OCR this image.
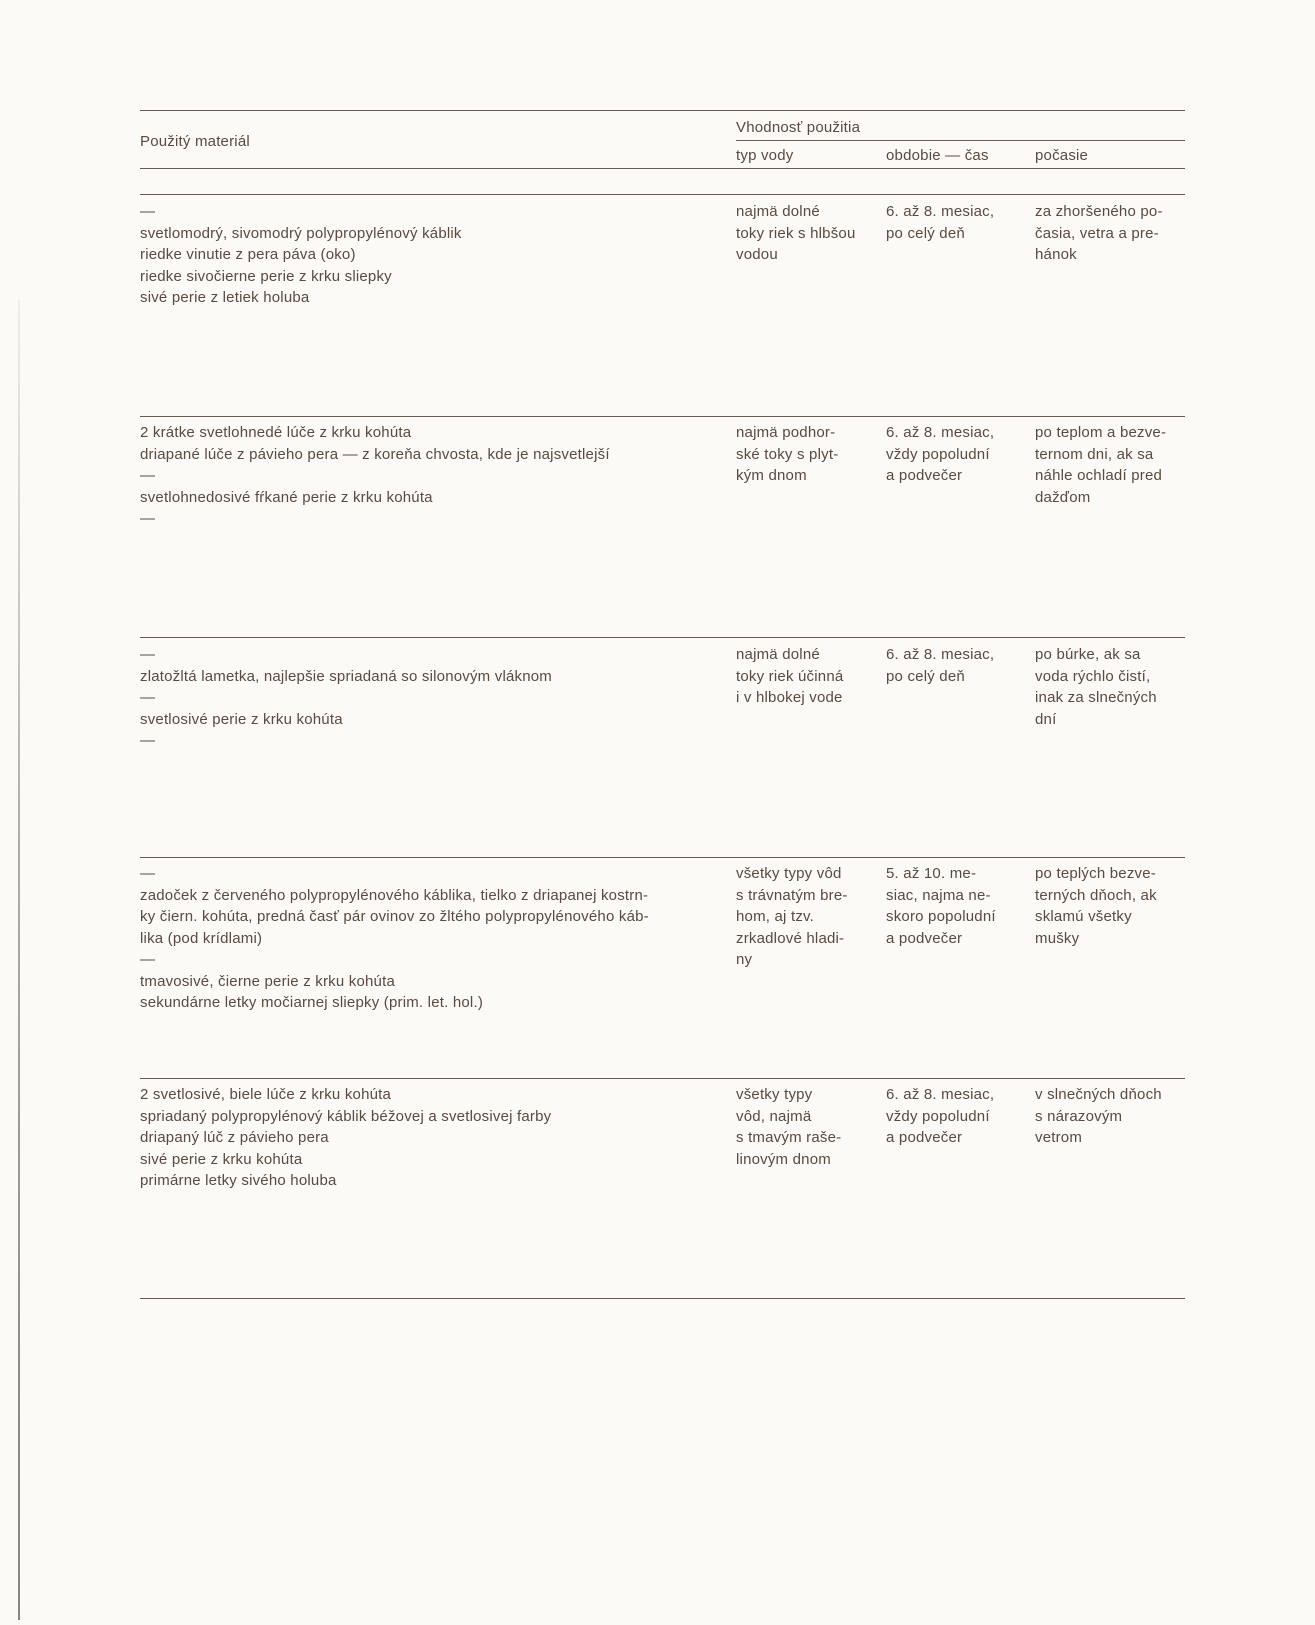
Použitý materiál
Vhodnosť použitia
typ vody	obdobie — čas	počasie
—
svetlomodrý, sivomodrý polypropylénový káblik
riedke vinutie z pera páva (oko)
riedke sivočierne perie z krku sliepky
sivé perie z letiek holuba
najmä dolné
toky riek s hlbšou
vodou
6. až 8. mesiac,
po celý deň
za zhoršeného po-
časia, vetra a pre-
hánok
2 krátke svetlohnedé lúče z krku kohúta
driapané lúče z pávieho pera — z koreňa chvosta, kde je najsvetlejší
—
svetlohnedosivé fŕkané perie z krku kohúta
—
najmä podhor-
ské toky s plyt-
kým dnom
6. až 8. mesiac,
vždy popoludní
a podvečer
po teplom a bezve-
ternom dni, ak sa
náhle ochladí pred
dažďom
—
zlatožltá lametka, najlepšie spriadaná so silonovým vláknom
—
svetlosivé perie z krku kohúta
—
najmä dolné
toky riek účinná
i v hlbokej vode
6. až 8. mesiac,
po celý deň
po búrke, ak sa
voda rýchlo čistí,
inak za slnečných
dní
—
zadoček z červeného polypropylénového káblika, tielko z driapanej kostrn-
ky čiern. kohúta, predná časť pár ovinov zo žltého polypropylénového káb-
lika (pod krídlami)
—
tmavosivé, čierne perie z krku kohúta
sekundárne letky močiarnej sliepky (prim. let. hol.)
všetky typy vôd
s trávnatým bre-
hom, aj tzv.
zrkadlové hladi-
ny
5. až 10. me-
siac, najma ne-
skoro popoludní
a podvečer
po teplých bezve-
terných dňoch, ak
sklamú všetky
mušky
2 svetlosivé, biele lúče z krku kohúta
spriadaný polypropylénový káblik béžovej a svetlosivej farby
driapaný lúč z pávieho pera
sivé perie z krku kohúta
primárne letky sivého holuba
všetky typy
vôd, najmä
s tmavým raše-
linovým dnom
6. až 8. mesiac,
vždy popoludní
a podvečer
v slnečných dňoch
s nárazovým
vetrom
